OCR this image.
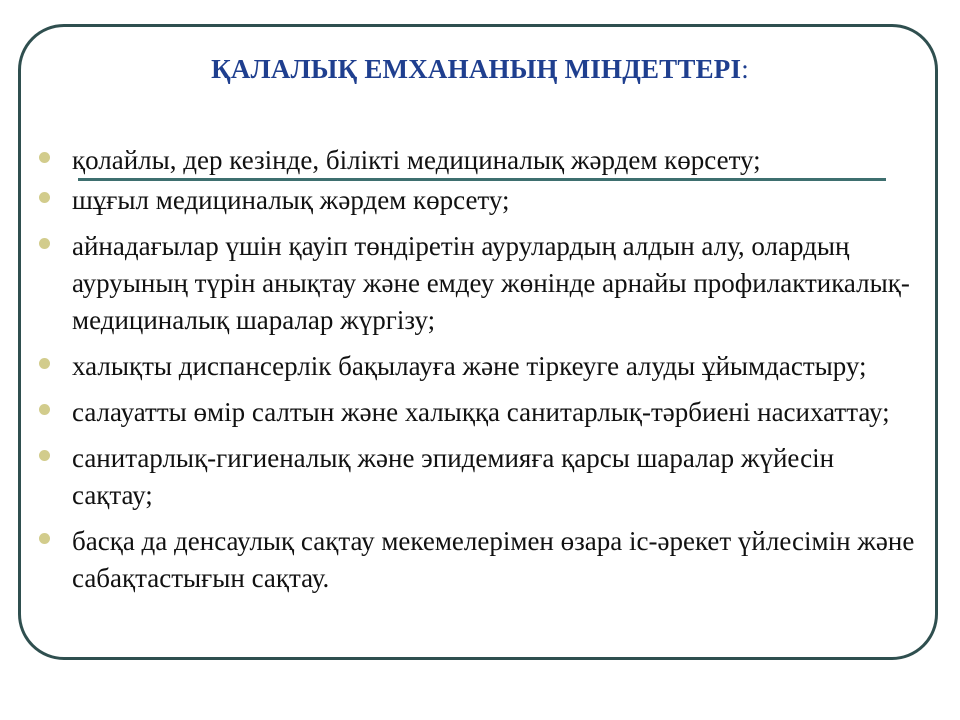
ҚАЛАЛЫҚ ЕМХАНАНЫҢ МІНДЕТТЕРІ:
қолайлы, дер кезінде, білікті медициналық жәрдем көрсету;
шұғыл медициналық жәрдем көрсету;
айнадағылар үшін қауіп төндіретін аурулардың алдын алу, олардың ауруының түрін анықтау және емдеу жөнінде арнайы профилактикалық-медициналық шаралар жүргізу;
халықты диспансерлік бақылауға және тіркеуге алуды ұйымдастыру;
салауатты өмір салтын және халыққа санитарлық-тәрбиені насихаттау;
санитарлық-гигиеналық және эпидемияға қарсы шаралар жүйесін сақтау;
басқа да денсаулық сақтау мекемелерімен өзара іс-әрекет үйлесімін және сабақтастығын сақтау.
